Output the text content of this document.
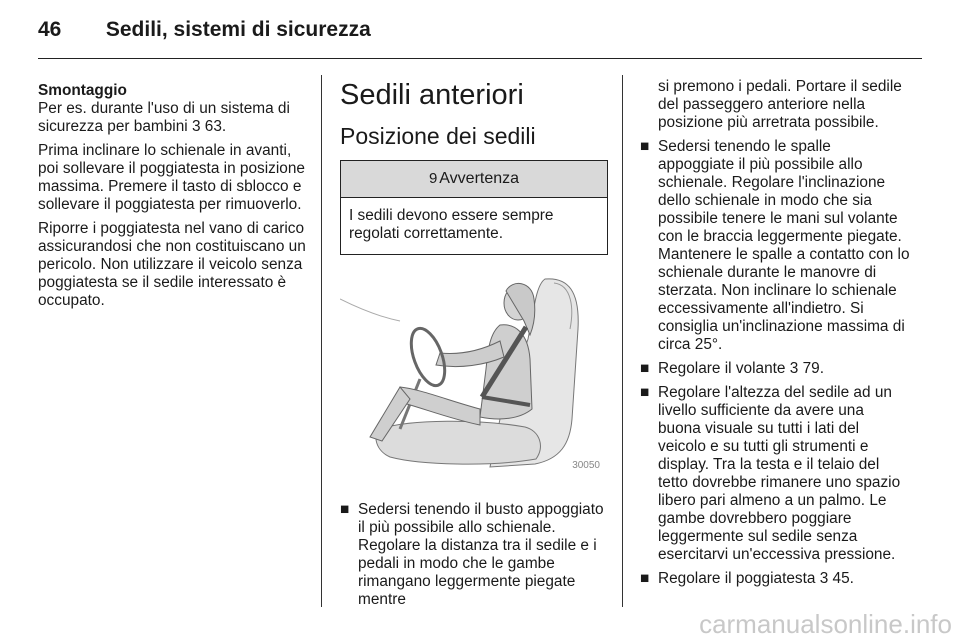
46 Sedili, sistemi di sicurezza
Smontaggio

Per es. durante l'uso di un sistema di sicurezza per bambini 3 63.

Prima inclinare lo schienale in avanti, poi sollevare il poggiatesta in posizione massima. Premere il tasto di sblocco e sollevare il poggiatesta per rimuoverlo.

Riporre i poggiatesta nel vano di carico assicurandosi che non costituiscano un pericolo. Non utilizzare il veicolo senza poggiatesta se il sedile interessato è occupato.

Sedili anteriori
Posizione dei sedili
9 Avvertenza
I sedili devono essere sempre regolati correttamente.
30050
■ Sedersi tenendo il busto appoggiato il più possibile allo schienale. Regolare la distanza tra il sedile e i pedali in modo che le gambe rimangano leggermente piegate mentre

si premono i pedali. Portare il sedile del passeggero anteriore nella posizione più arretrata possibile.

■ Sedersi tenendo le spalle appoggiate il più possibile allo schienale. Regolare l'inclinazione dello schienale in modo che sia possibile tenere le mani sul volante con le braccia leggermente piegate. Mantenere le spalle a contatto con lo schienale durante le manovre di sterzata. Non inclinare lo schienale eccessivamente all'indietro. Si consiglia un'inclinazione massima di circa 25°.
■ Regolare il volante 3 79.
■ Regolare l'altezza del sedile ad un livello sufficiente da avere una buona visuale su tutti i lati del veicolo e su tutti gli strumenti e display. Tra la testa e il telaio del tetto dovrebbe rimanere uno spazio libero pari almeno a un palmo. Le gambe dovrebbero poggiare leggermente sul sedile senza esercitarvi un'eccessiva pressione.
■ Regolare il poggiatesta 3 45.
carmanualsonline.info
